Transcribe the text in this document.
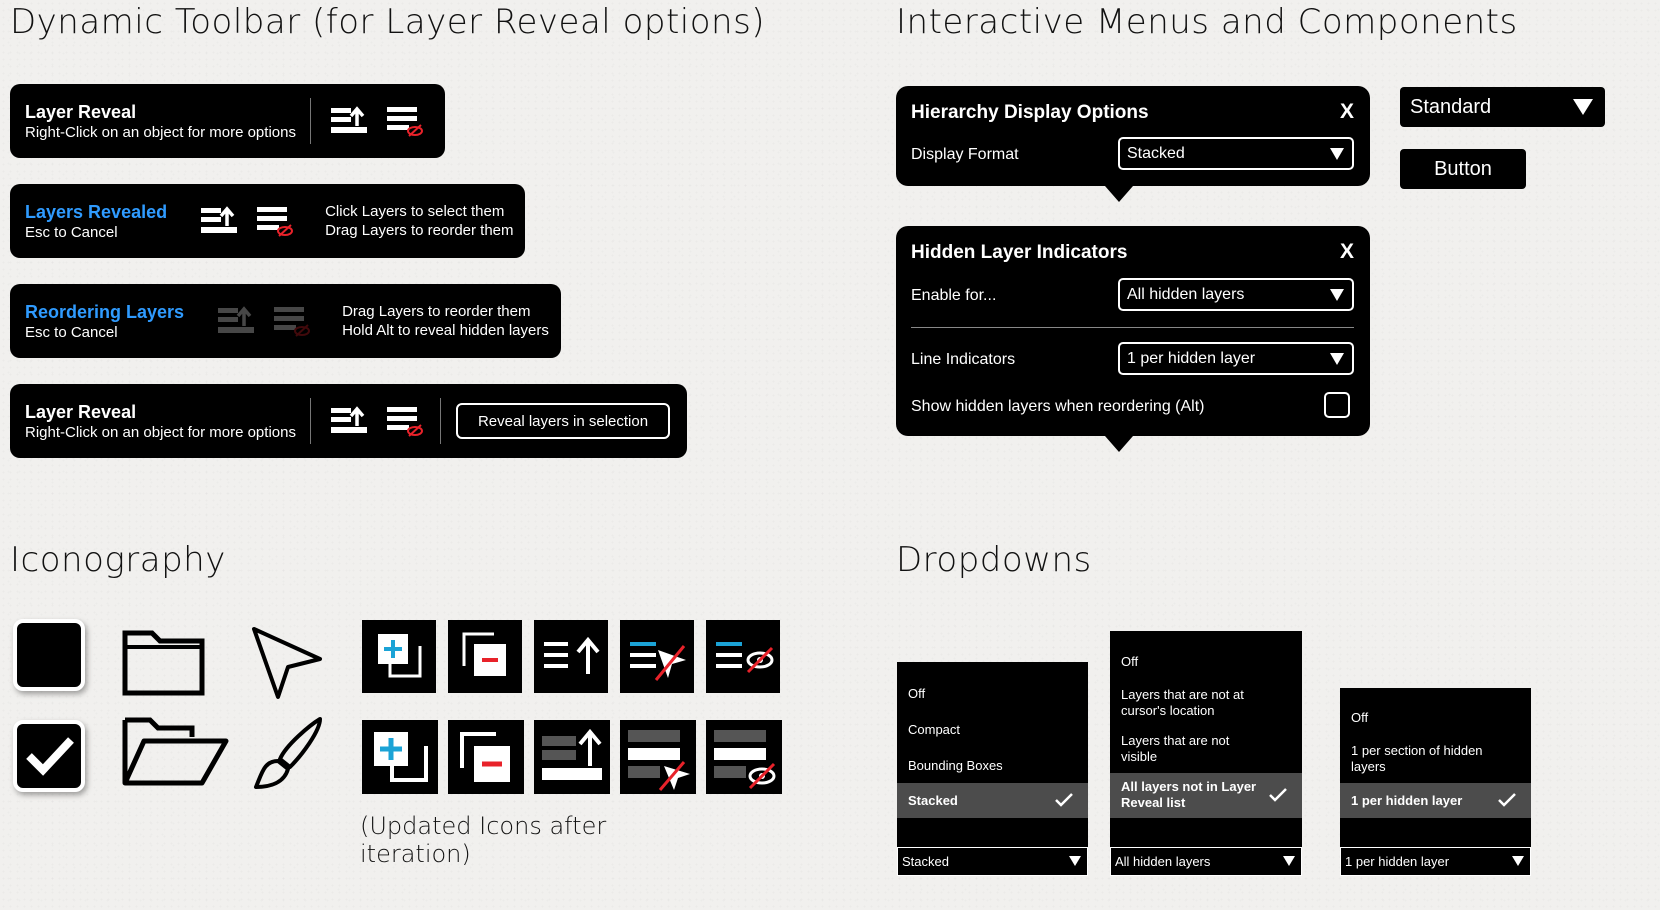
Dynamic Toolbar (for Layer Reveal options)	Interactive Menus and Components
Iconography	Dropdowns
Layer Reveal
Right-Click on an object for more options
Layers Revealed
Esc to Cancel
Click Layers to select them
Drag Layers to reorder them
Reordering Layers
Esc to Cancel
Drag Layers to reorder them
Hold Alt to reveal hidden layers
Layer Reveal
Right-Click on an object for more options
Reveal layers in selection
Hierarchy Display Options	X
Display Format	Stacked
Hidden Layer Indicators	X
Enable for...	All hidden layers
Line Indicators	1 per hidden layer
Show hidden layers when reordering (Alt)
Standard
Button
(Updated Icons after
iteration)
Off
Compact
Bounding Boxes
Stacked
Stacked
Off
Layers that are not at
cursor's location
Layers that are not
visible
All layers not in Layer
Reveal list
All hidden layers
Off
1 per section of hidden
layers
1 per hidden layer
1 per hidden layer
